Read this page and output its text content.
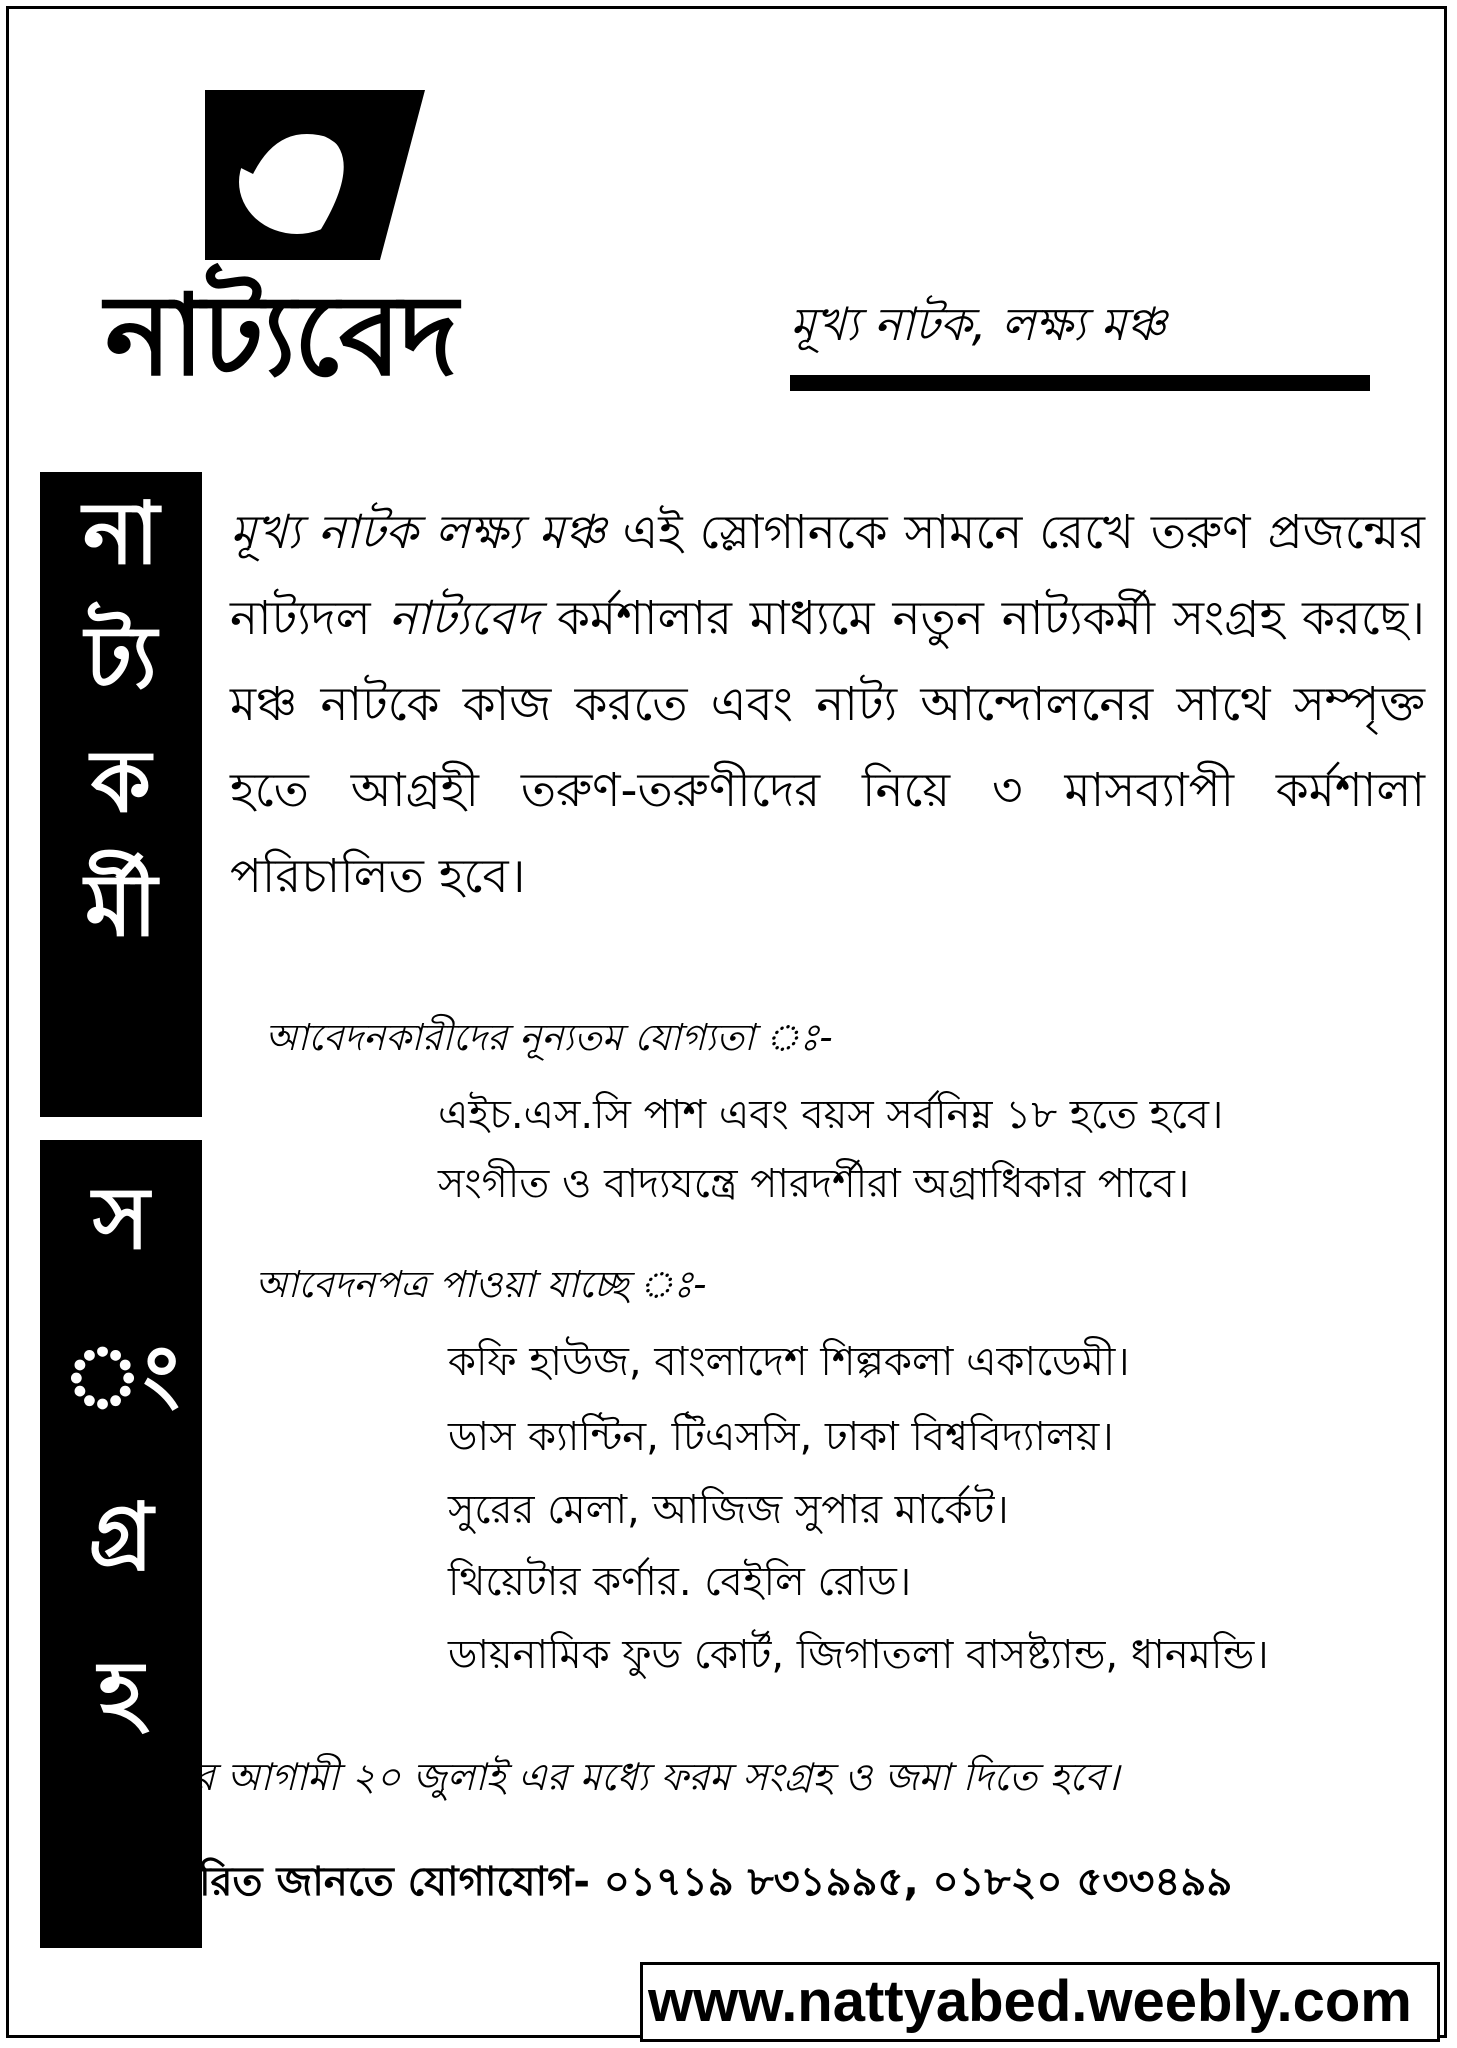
নাট্যবেদ	মূখ্য নাটক, লক্ষ্য মঞ্চ
না
ট্য
ক
র্মী
স
ং
গ্র
হ
মূখ্য নাটক লক্ষ্য মঞ্চ এই স্লোগানকে সামনে রেখে তরুণ প্রজন্মের নাট্যদল নাট্যবেদ কর্মশালার মাধ্যমে নতুন নাট্যকর্মী সংগ্রহ করছে। মঞ্চ নাটকে কাজ করতে এবং নাট্য আন্দোলনের সাথে সম্পৃক্ত হতে আগ্রহী তরুণ-তরুণীদের নিয়ে ৩ মাসব্যাপী কর্মশালা পরিচালিত হবে।
আবেদনকারীদের নূন্যতম যোগ্যতা ঃ-
এইচ.এস.সি পাশ এবং বয়স সর্বনিম্ন ১৮ হতে হবে।
সংগীত ও বাদ্যযন্ত্রে পারদর্শীরা অগ্রাধিকার পাবে।
আবেদনপত্র পাওয়া যাচ্ছে ঃ-
কফি হাউজ, বাংলাদেশ শিল্পকলা একাডেমী।
ডাস ক্যান্টিন, টিএসসি, ঢাকা বিশ্ববিদ্যালয়।
সুরের মেলা, আজিজ সুপার মার্কেট।
থিয়েটার কর্ণার. বেইলি রোড।
ডায়নামিক ফুড কোর্ট, জিগাতলা বাসষ্ট্যান্ড, ধানমন্ডি।
আগ্রহীদের আগামী ২০ জুলাই এর মধ্যে ফরম সংগ্রহ ও জমা দিতে হবে।
বিস্তারিত জানতে যোগাযোগ- ০১৭১৯ ৮৩১৯৯৫, ০১৮২০ ৫৩৩৪৯৯
www.nattyabed.weebly.com
